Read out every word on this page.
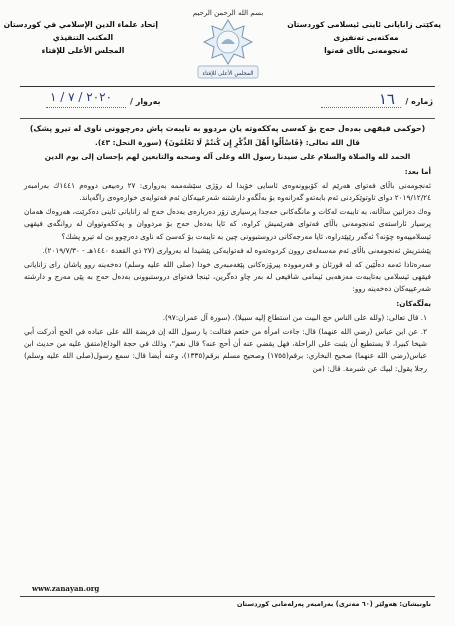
یەکێتی زانایانی ئاینی ئیسلامی کوردستان
مەکتەبی تەنفیزی
ئەنجومەنی باڵای فەتوا
بسم الله الرحمن الرحيم
المجلس الأعلى للإفتاء
إتحاد علماء الدين الإسلامي في كوردستان
المكتب التنفيذي
المجلس الأعلى للإفتاء
ژمارە /
١٦
بەروار /
٢٠٢٠ / ٧ / ١

(حوکمی فیقهی بەدەل حەج بۆ کەسی پەککەوتە یان مردوو بە تایبەت پاش دەرچوونی ناوی لە تیرو پشک)

قال الله تعالى: ﴿فَاسْأَلُوا أَهْلَ الذِّكْرِ إِن كُنتُمْ لَا تَعْلَمُونَ﴾ (سورة النحل: ٤٣).

الحمد لله والصلاة والسلام على سيدنا رسول الله وعلى آله وصحبه والتابعين لهم بإحسان إلى يوم الدين

أما بعد:

ئەنجومەنی باڵای فەتوای هەرێم لە کۆبوونەوەی ئاسایی خۆیدا لە رۆژی سێشەممە بەرواری: ٢٧ رەبیعی دووەم ١٤٤١ك بەرامبەر ٢٠١٩/١٢/٢٤ دوای تاوتوێکردنی ئەم بابەتەو گەرانەوە بۆ بەڵگەو دارشتنە شەرعییەکان ئەم فەتوایەی خوارەوەی راگەیاند.

وەك دەزانین ساڵانە، بە تایبەت لەکات و مانگەکانی حەجدا پرسیاری زۆر دەربارەی بەدەل حەج لە زانایانی ئاینی دەکرێت، هەروەك هەمان پرسیار ئاراستەی ئەنجومەنی باڵای فەتوای هەرێمیش کراوە، کە ئایا بەدەل حەج بۆ مردووان و پەککەوتووان لە روانگەی فیقهی ئیسلامییەوە چۆنە؟ ئەگەر رێپێدراوە، ئایا مەرجەکانی دروستبوونی چین بە تایبەت بۆ کەسێ کە ناوی دەرچوو بێ لە تیرو پشك؟

پێشتریش ئەنجومەنی باڵای ئەم مەسەلەی روون کردوەتەوە لە فەتوایەکی پێشیدا لە بەرواری (٢٧ ذي القعدة ١٤٤٠هـ - ٢٠١٩/٧/٣٠).

سەرەتادا ئەمە دەڵێین کە لە قورئان و فەرموودە پیرۆزەکانی پێغەمبەری خودا (صلى الله عليه وسلم) دەخەینە روو پاشان رای زانایانی فیقهی ئیسلامی بەتایبەت مەزهەبی ئیمامی شافیعی لە بەر چاو دەگرین، ئینجا فەتوای دروستبوونی بەدەل حەج بە پێی مەرج و دارشتە شەرعییەکان دەخەینە روو:

بەڵگەکان:

١. قال تعالى: (ولله على الناس حج البيت من استطاع إليه سبيلا). (سورة آل عمران:٩٧).

٢. عن ابن عباس (رضي الله عنهما) قال: جاءت امرأة من خثعم فقالت: يا رسول الله إن فريضة الله على عباده في الحج أدركت أبي شيخا كبيرا، لا يستطيع أن يثبت على الراحلة، فهل يقضي عنه أن أحج عنه؟ قال نعم"، وذلك في حجة الوداع(متفق عليه من حديث ابن عباس(رضي الله عنهما) صحيح البخاري: برقم(١٧٥٥) وصحيح مسلم برقم(١٣٣٥)، وعنه أيضا قال: سمع رسول(صلى الله عليه وسلم) رجلا يقول: لبيك عن شبرمة. قال: (من

www.zanayan.org
ناونیشان: هەولێر (٦٠ مەتری) بەرامبەر پەرلەمانی کوردستان
